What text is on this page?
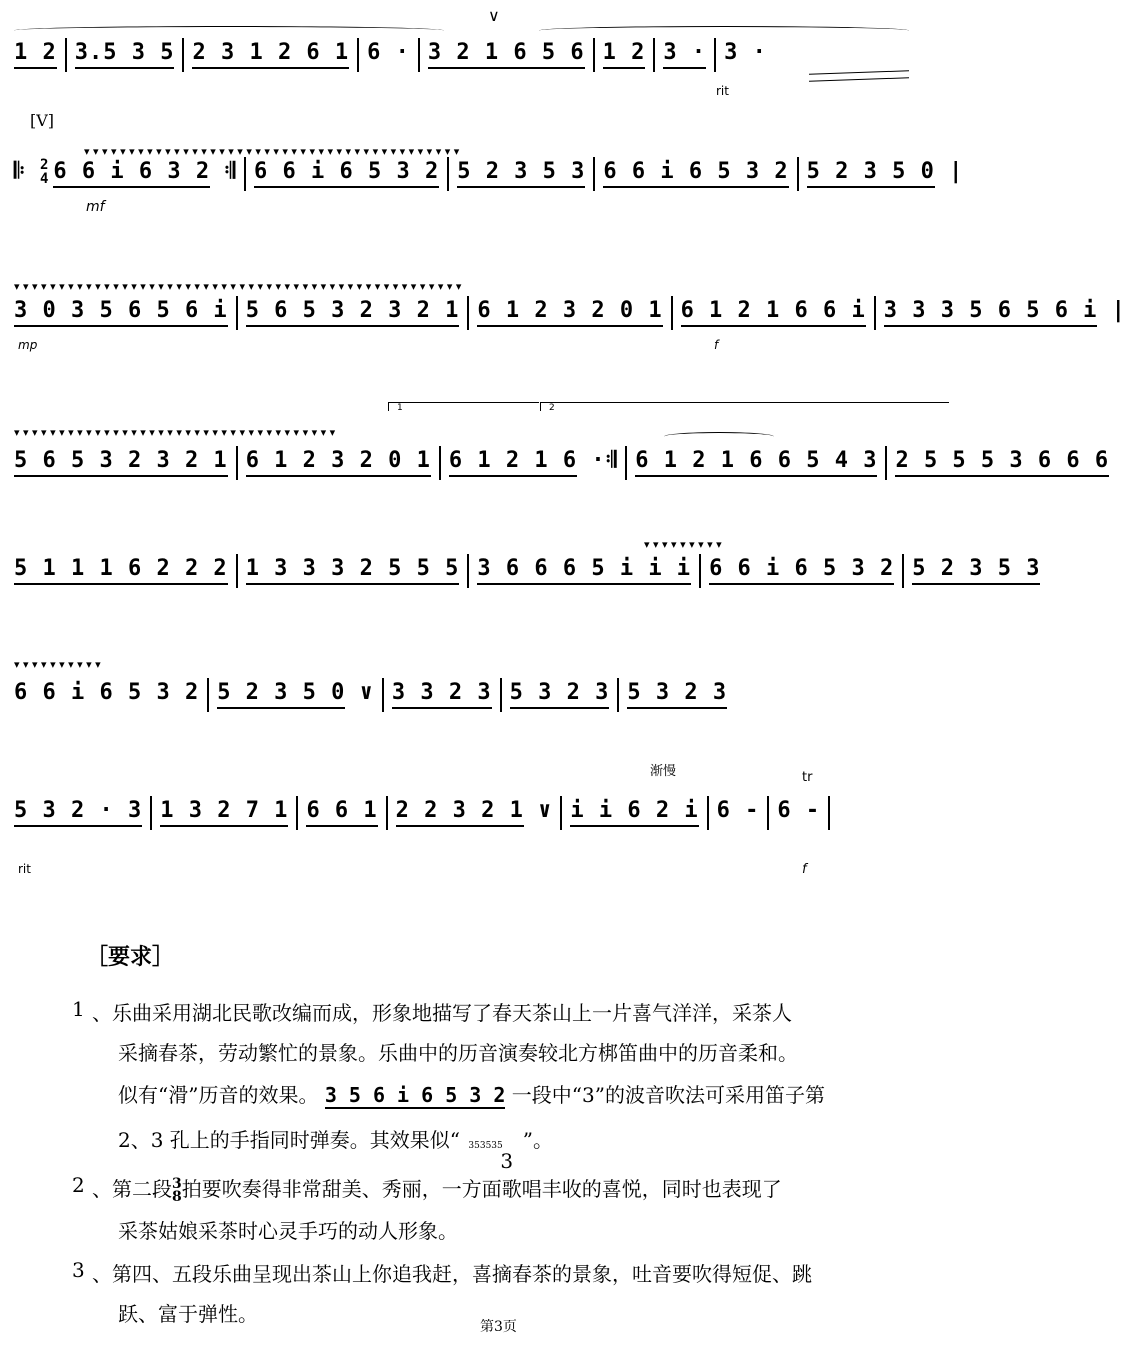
1 2 3.5 3 5 2 3 1 2 6 1 6 · 3 2 1 6 5 6 1 2 3 · 3 ·
∨
rit
[V]
▾ ▾ ▾ ▾ ▾ ▾ ▾ ▾ ▾ ▾ ▾ ▾ ▾ ▾ ▾ ▾ ▾ ▾ ▾ ▾ ▾ ▾ ▾ ▾ ▾ ▾ ▾ ▾ ▾ ▾ ▾ ▾ ▾ ▾ ▾ ▾ ▾ ▾ ▾ ▾ ▾ ▾
𝄆 2
4 6 6 i 6 3 2 𝄇 6 6 i 6 5 3 2 5 2 3 5 3 6 6 i 6 5 3 2 5 2 3 5 0 |
mf
▾ ▾ ▾ ▾ ▾ ▾ ▾ ▾ ▾ ▾ ▾ ▾ ▾ ▾ ▾ ▾ ▾ ▾ ▾ ▾ ▾ ▾ ▾ ▾ ▾ ▾ ▾ ▾ ▾ ▾ ▾ ▾ ▾ ▾ ▾ ▾ ▾ ▾ ▾ ▾ ▾ ▾ ▾ ▾ ▾ ▾ ▾ ▾ ▾ ▾
3 0 3 5 6 5 6 i 5 6 5 3 2 3 2 1 6 1 2 3 2 0 1 6 1 2 1 6 6 i 3 3 3 5 6 5 6 i |
mp	f
1	2
▾ ▾ ▾ ▾ ▾ ▾ ▾ ▾ ▾ ▾ ▾ ▾ ▾ ▾ ▾ ▾ ▾ ▾ ▾ ▾ ▾ ▾ ▾ ▾ ▾ ▾ ▾ ▾ ▾ ▾ ▾ ▾ ▾ ▾ ▾ ▾
5 6 5 3 2 3 2 1 6 1 2 3 2 0 1 6 1 2 1 6 ·𝄇 6 1 2 1 6 6 5 4 3 2 5 5 5 3 6 6 6
▾ ▾ ▾ ▾ ▾ ▾ ▾ ▾ ▾
5 1 1 1 6 2 2 2 1 3 3 3 2 5 5 5 3 6 6 6 5 i i i 6 6 i 6 5 3 2 5 2 3 5 3
▾ ▾ ▾ ▾ ▾ ▾ ▾ ▾ ▾ ▾
6 6 i 6 5 3 2 5 2 3 5 0 ∨ 3 3 2 3 5 3 2 3 5 3 2 3
渐慢	tr
5 3 2 · 3 1 3 2 7 1 6 6 1 2 2 3 2 1 ∨ i i 6 2 i 6 - 6 -
rit	f
［要求］
1 、乐曲采用湖北民歌改编而成，形象地描写了春天茶山上一片喜气洋洋，采茶人
采摘春茶，劳动繁忙的景象。乐曲中的历音演奏较北方梆笛曲中的历音柔和。
似有“滑”历音的效果。 3 5 6 i 6 5 3 2 一段中“3”的波音吹法可采用笛子第
2、3 孔上的手指同时弹奏。其效果似“ 353535
3
”。
2 、第二段 3
8 拍要吹奏得非常甜美、秀丽，一方面歌唱丰收的喜悦，同时也表现了
采茶姑娘采茶时心灵手巧的动人形象。
3 、第四、五段乐曲呈现出茶山上你追我赶，喜摘春茶的景象，吐音要吹得短促、跳
跃、富于弹性。
第3页
